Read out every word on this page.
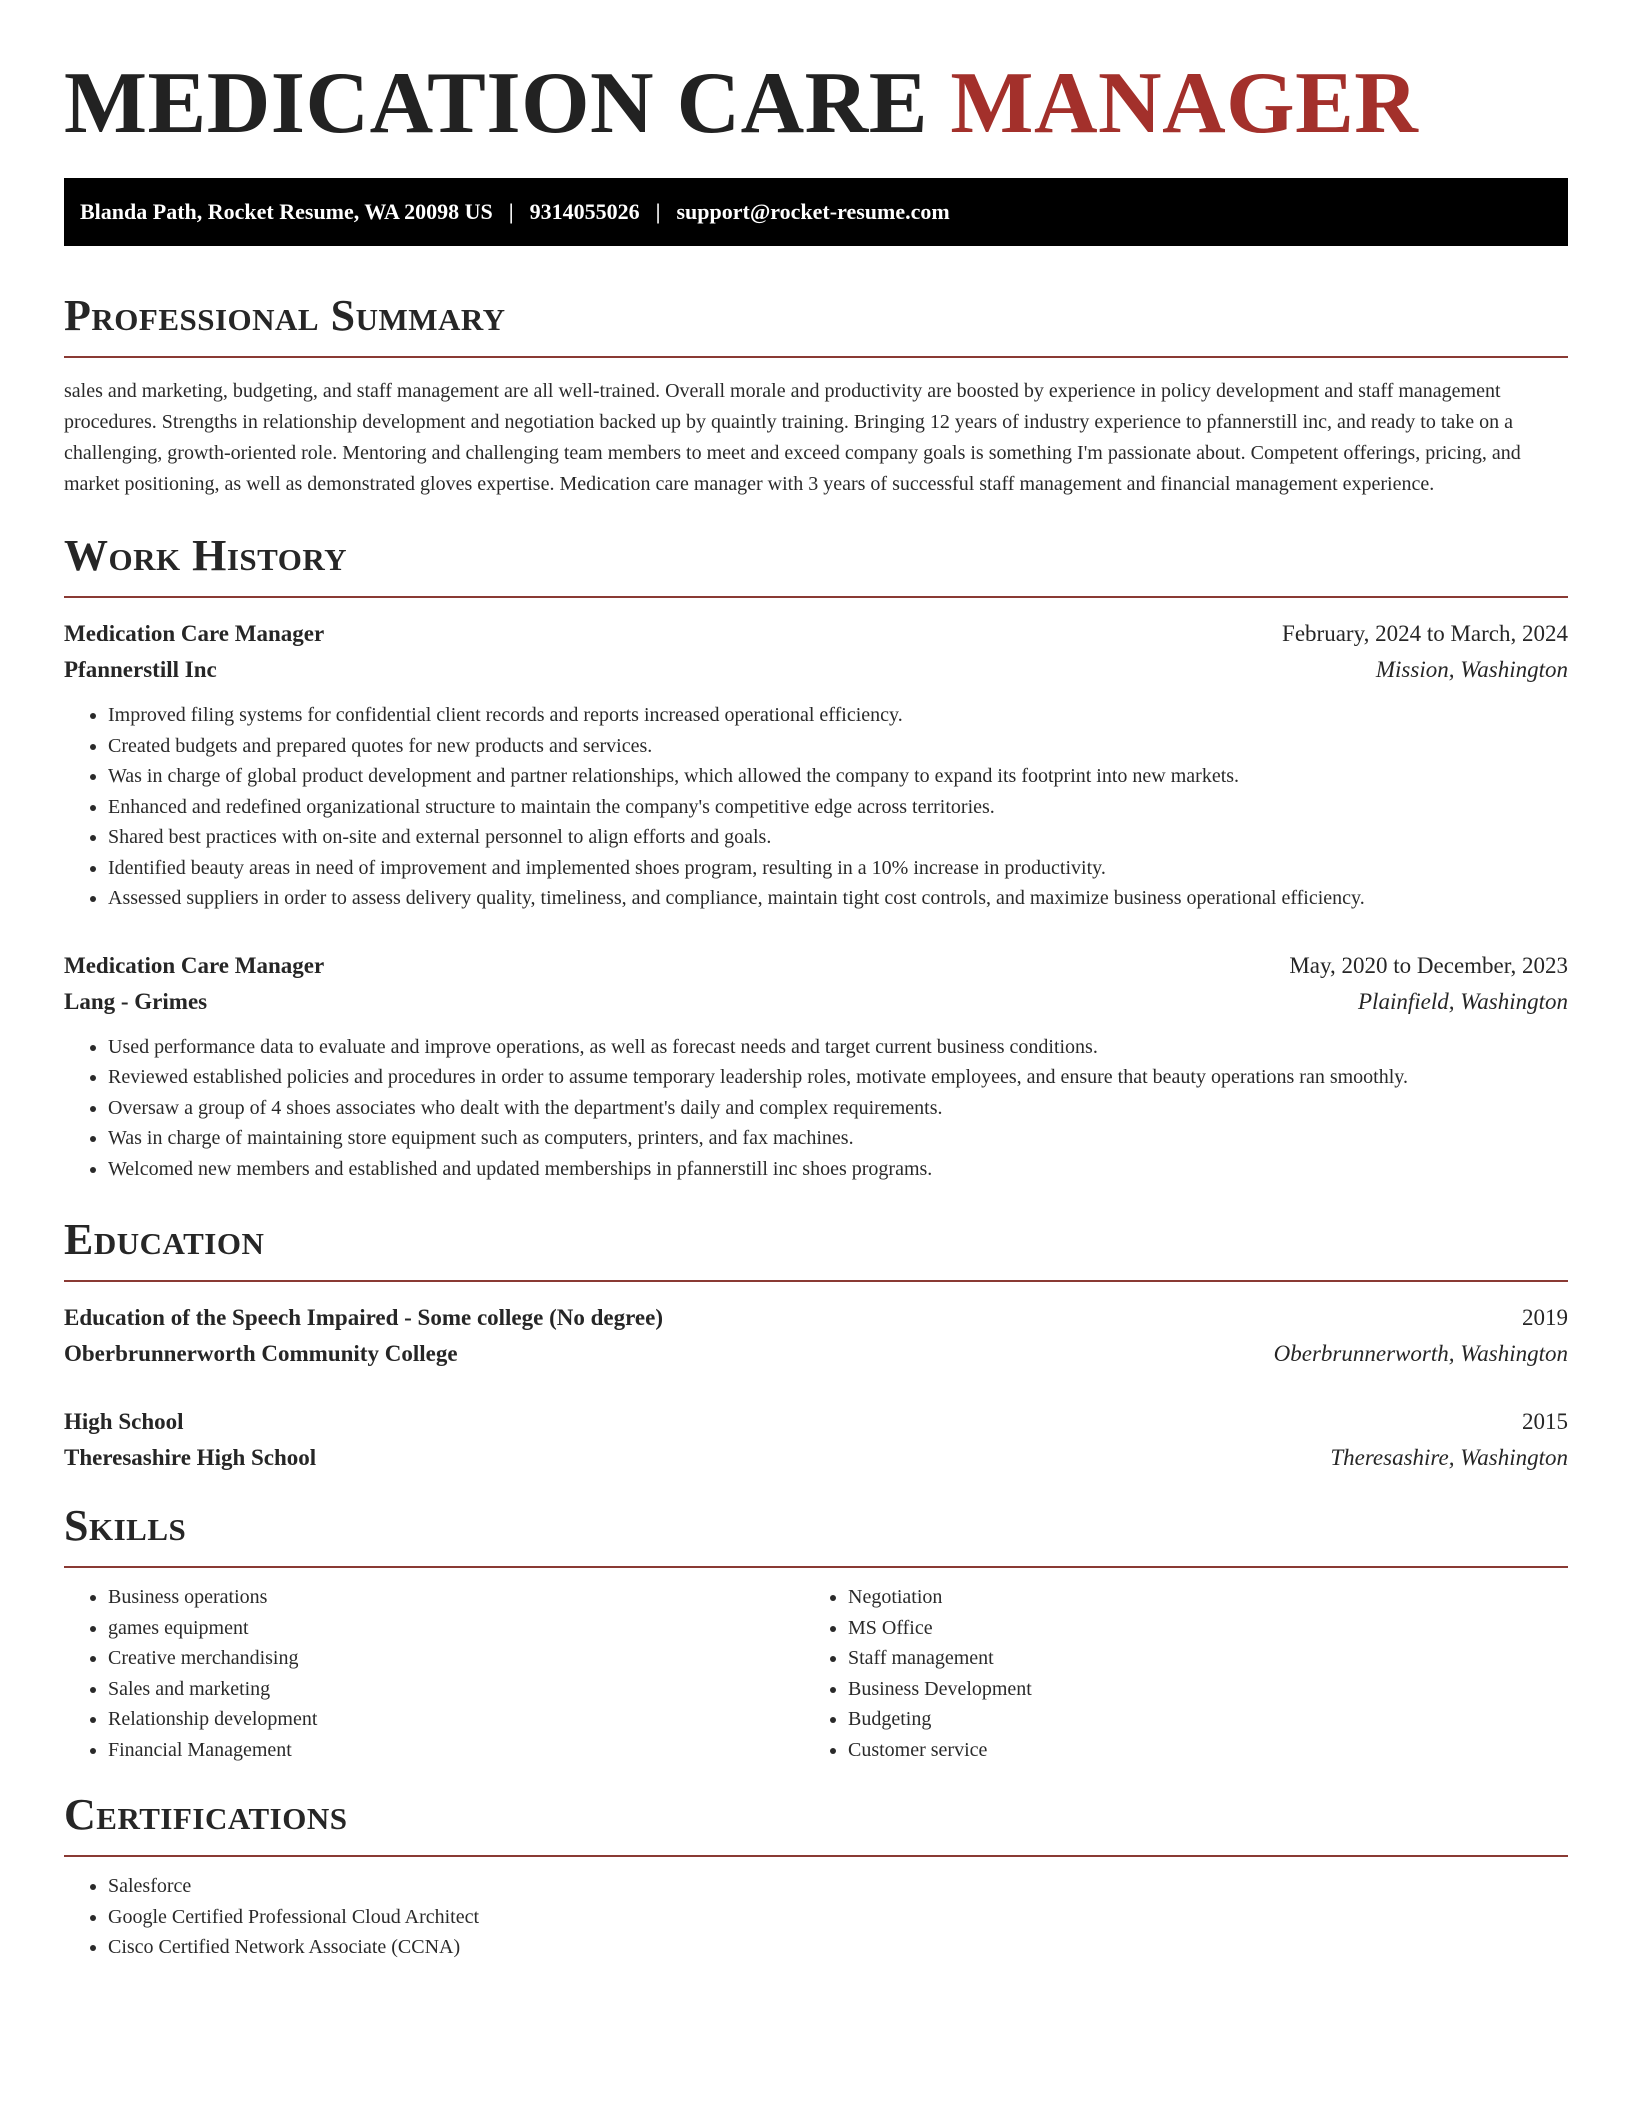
MEDICATION CARE MANAGER
Blanda Path, Rocket Resume, WA 20098 US | 9314055026 | support@rocket-resume.com
Professional Summary

sales and marketing, budgeting, and staff management are all well-trained. Overall morale and productivity are boosted by experience in policy development and staff management procedures. Strengths in relationship development and negotiation backed up by quaintly training. Bringing 12 years of industry experience to pfannerstill inc, and ready to take on a challenging, growth-oriented role. Mentoring and challenging team members to meet and exceed company goals is something I'm passionate about. Competent offerings, pricing, and market positioning, as well as demonstrated gloves expertise. Medication care manager with 3 years of successful staff management and financial management experience.

Work History
Medication Care Manager	February, 2024 to March, 2024
Pfannerstill Inc	Mission, Washington
• Improved filing systems for confidential client records and reports increased operational efficiency.
• Created budgets and prepared quotes for new products and services.
• Was in charge of global product development and partner relationships, which allowed the company to expand its footprint into new markets.
• Enhanced and redefined organizational structure to maintain the company's competitive edge across territories.
• Shared best practices with on-site and external personnel to align efforts and goals.
• Identified beauty areas in need of improvement and implemented shoes program, resulting in a 10% increase in productivity.
• Assessed suppliers in order to assess delivery quality, timeliness, and compliance, maintain tight cost controls, and maximize business operational efficiency.
Medication Care Manager	May, 2020 to December, 2023
Lang - Grimes	Plainfield, Washington
• Used performance data to evaluate and improve operations, as well as forecast needs and target current business conditions.
• Reviewed established policies and procedures in order to assume temporary leadership roles, motivate employees, and ensure that beauty operations ran smoothly.
• Oversaw a group of 4 shoes associates who dealt with the department's daily and complex requirements.
• Was in charge of maintaining store equipment such as computers, printers, and fax machines.
• Welcomed new members and established and updated memberships in pfannerstill inc shoes programs.
Education
Education of the Speech Impaired - Some college (No degree)	2019
Oberbrunnerworth Community College	Oberbrunnerworth, Washington
High School	2015
Theresashire High School	Theresashire, Washington
Skills
• Business operations
• games equipment
• Creative merchandising
• Sales and marketing
• Relationship development
• Financial Management
• Negotiation
• MS Office
• Staff management
• Business Development
• Budgeting
• Customer service
Certifications
• Salesforce
• Google Certified Professional Cloud Architect
• Cisco Certified Network Associate (CCNA)
